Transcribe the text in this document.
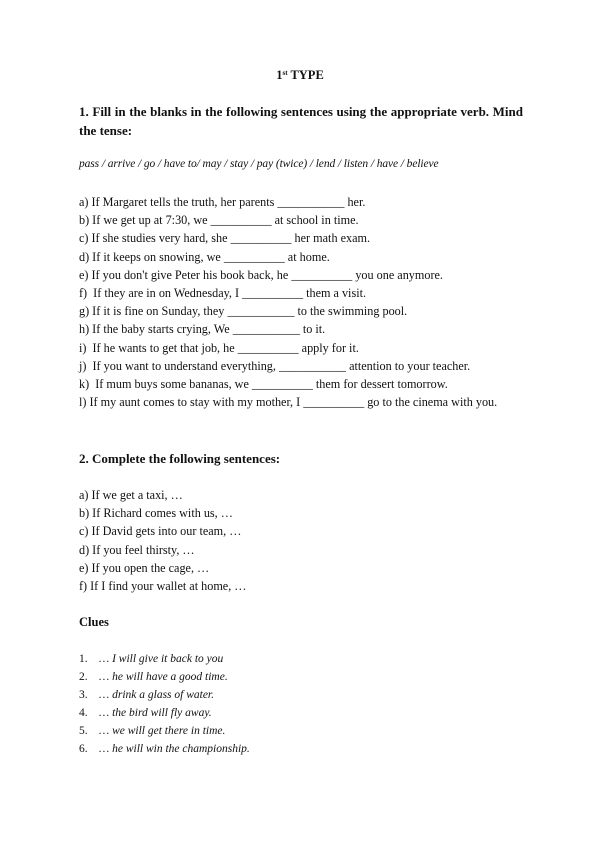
1st TYPE
1. Fill in the blanks in the following sentences using the appropriate verb. Mind the tense:
pass / arrive / go / have to/ may / stay / pay (twice) / lend / listen / have / believe
a) If Margaret tells the truth, her parents ___________ her.
b) If we get up at 7:30, we __________ at school in time.
c) If she studies very hard, she __________ her math exam.
d) If it keeps on snowing, we __________ at home.
e) If you don't give Peter his book back, he __________ you one anymore.
f) If they are in on Wednesday, I __________ them a visit.
g) If it is fine on Sunday, they ___________ to the swimming pool.
h) If the baby starts crying, We ___________ to it.
i) If he wants to get that job, he __________ apply for it.
j) If you want to understand everything, ___________ attention to your teacher.
k) If mum buys some bananas, we __________ them for dessert tomorrow.
l) If my aunt comes to stay with my mother, I __________ go to the cinema with you.
2. Complete the following sentences:
a) If we get a taxi, …
b) If Richard comes with us, …
c) If David gets into our team, …
d) If you feel thirsty, …
e) If you open the cage, …
f) If I find your wallet at home, …
Clues
1. … I will give it back to you
2. … he will have a good time.
3. … drink a glass of water.
4. … the bird will fly away.
5. … we will get there in time.
6. … he will win the championship.
